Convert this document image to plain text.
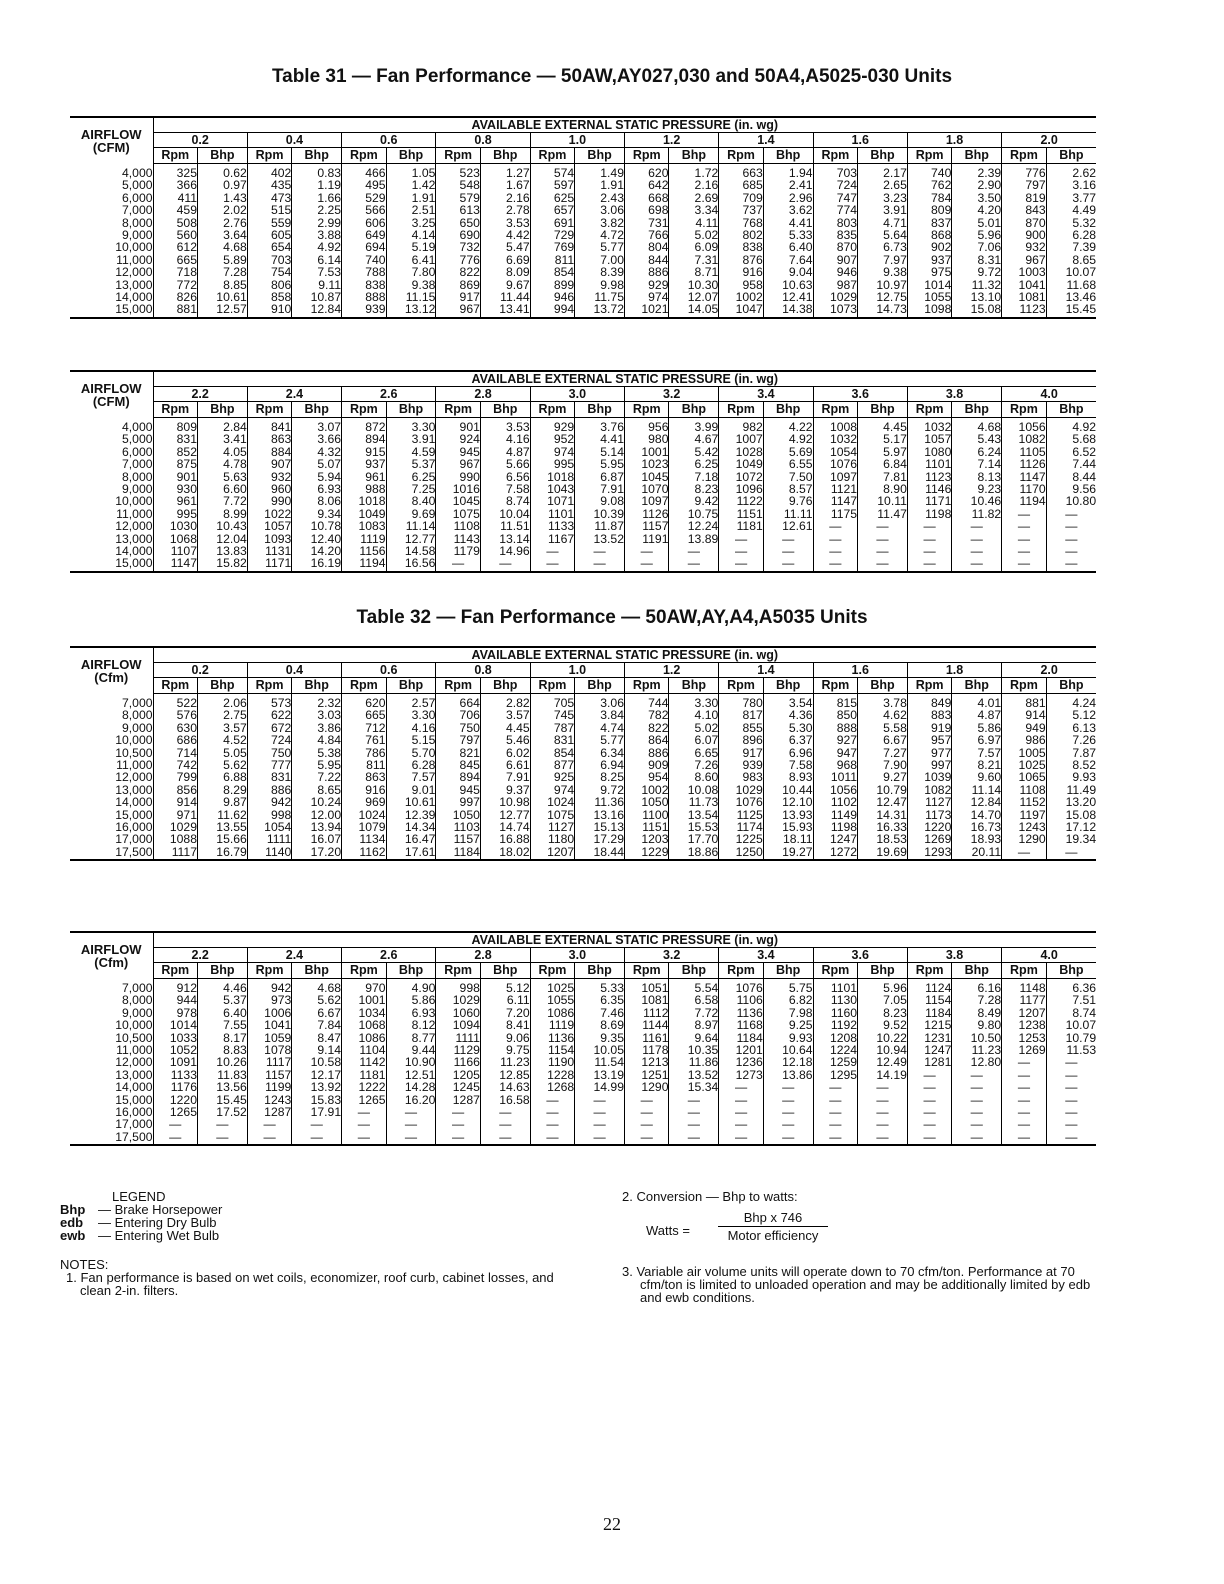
Table 31 — Fan Performance — 50AW,AY027,030 and 50A4,A5025-030 Units
AIRFLOW
(CFM)	AVAILABLE EXTERNAL STATIC PRESSURE (in. wg)																			
	0.2		0.4		0.6		0.8		1.0		1.2		1.4		1.6		1.8		2.0	
	Rpm	Bhp	Rpm	Bhp	Rpm	Bhp	Rpm	Bhp	Rpm	Bhp	Rpm	Bhp	Rpm	Bhp	Rpm	Bhp	Rpm	Bhp	Rpm	Bhp
4,000	325	0.62	402	0.83	466	1.05	523	1.27	574	1.49	620	1.72	663	1.94	703	2.17	740	2.39	776	2.62
5,000	366	0.97	435	1.19	495	1.42	548	1.67	597	1.91	642	2.16	685	2.41	724	2.65	762	2.90	797	3.16
6,000	411	1.43	473	1.66	529	1.91	579	2.16	625	2.43	668	2.69	709	2.96	747	3.23	784	3.50	819	3.77
7,000	459	2.02	515	2.25	566	2.51	613	2.78	657	3.06	698	3.34	737	3.62	774	3.91	809	4.20	843	4.49
8,000	508	2.76	559	2.99	606	3.25	650	3.53	691	3.82	731	4.11	768	4.41	803	4.71	837	5.01	870	5.32
9,000	560	3.64	605	3.88	649	4.14	690	4.42	729	4.72	766	5.02	802	5.33	835	5.64	868	5.96	900	6.28
10,000	612	4.68	654	4.92	694	5.19	732	5.47	769	5.77	804	6.09	838	6.40	870	6.73	902	7.06	932	7.39
11,000	665	5.89	703	6.14	740	6.41	776	6.69	811	7.00	844	7.31	876	7.64	907	7.97	937	8.31	967	8.65
12,000	718	7.28	754	7.53	788	7.80	822	8.09	854	8.39	886	8.71	916	9.04	946	9.38	975	9.72	1003	10.07
13,000	772	8.85	806	9.11	838	9.38	869	9.67	899	9.98	929	10.30	958	10.63	987	10.97	1014	11.32	1041	11.68
14,000	826	10.61	858	10.87	888	11.15	917	11.44	946	11.75	974	12.07	1002	12.41	1029	12.75	1055	13.10	1081	13.46
15,000	881	12.57	910	12.84	939	13.12	967	13.41	994	13.72	1021	14.05	1047	14.38	1073	14.73	1098	15.08	1123	15.45
AIRFLOW
(CFM)	AVAILABLE EXTERNAL STATIC PRESSURE (in. wg)																			
	2.2		2.4		2.6		2.8		3.0		3.2		3.4		3.6		3.8		4.0	
	Rpm	Bhp	Rpm	Bhp	Rpm	Bhp	Rpm	Bhp	Rpm	Bhp	Rpm	Bhp	Rpm	Bhp	Rpm	Bhp	Rpm	Bhp	Rpm	Bhp
4,000	809	2.84	841	3.07	872	3.30	901	3.53	929	3.76	956	3.99	982	4.22	1008	4.45	1032	4.68	1056	4.92
5,000	831	3.41	863	3.66	894	3.91	924	4.16	952	4.41	980	4.67	1007	4.92	1032	5.17	1057	5.43	1082	5.68
6,000	852	4.05	884	4.32	915	4.59	945	4.87	974	5.14	1001	5.42	1028	5.69	1054	5.97	1080	6.24	1105	6.52
7,000	875	4.78	907	5.07	937	5.37	967	5.66	995	5.95	1023	6.25	1049	6.55	1076	6.84	1101	7.14	1126	7.44
8,000	901	5.63	932	5.94	961	6.25	990	6.56	1018	6.87	1045	7.18	1072	7.50	1097	7.81	1123	8.13	1147	8.44
9,000	930	6.60	960	6.93	988	7.25	1016	7.58	1043	7.91	1070	8.23	1096	8.57	1121	8.90	1146	9.23	1170	9.56
10,000	961	7.72	990	8.06	1018	8.40	1045	8.74	1071	9.08	1097	9.42	1122	9.76	1147	10.11	1171	10.46	1194	10.80
11,000	995	8.99	1022	9.34	1049	9.69	1075	10.04	1101	10.39	1126	10.75	1151	11.11	1175	11.47	1198	11.82	—	—
12,000	1030	10.43	1057	10.78	1083	11.14	1108	11.51	1133	11.87	1157	12.24	1181	12.61	—	—	—	—	—	—
13,000	1068	12.04	1093	12.40	1119	12.77	1143	13.14	1167	13.52	1191	13.89	—	—	—	—	—	—	—	—
14,000	1107	13.83	1131	14.20	1156	14.58	1179	14.96	—	—	—	—	—	—	—	—	—	—	—	—
15,000	1147	15.82	1171	16.19	1194	16.56	—	—	—	—	—	—	—	—	—	—	—	—	—	—
Table 32 — Fan Performance — 50AW,AY,A4,A5035 Units
AIRFLOW
(Cfm)	AVAILABLE EXTERNAL STATIC PRESSURE (in. wg)																			
	0.2		0.4		0.6		0.8		1.0		1.2		1.4		1.6		1.8		2.0	
	Rpm	Bhp	Rpm	Bhp	Rpm	Bhp	Rpm	Bhp	Rpm	Bhp	Rpm	Bhp	Rpm	Bhp	Rpm	Bhp	Rpm	Bhp	Rpm	Bhp
7,000	522	2.06	573	2.32	620	2.57	664	2.82	705	3.06	744	3.30	780	3.54	815	3.78	849	4.01	881	4.24
8,000	576	2.75	622	3.03	665	3.30	706	3.57	745	3.84	782	4.10	817	4.36	850	4.62	883	4.87	914	5.12
9,000	630	3.57	672	3.86	712	4.16	750	4.45	787	4.74	822	5.02	855	5.30	888	5.58	919	5.86	949	6.13
10,000	686	4.52	724	4.84	761	5.15	797	5.46	831	5.77	864	6.07	896	6.37	927	6.67	957	6.97	986	7.26
10,500	714	5.05	750	5.38	786	5.70	821	6.02	854	6.34	886	6.65	917	6.96	947	7.27	977	7.57	1005	7.87
11,000	742	5.62	777	5.95	811	6.28	845	6.61	877	6.94	909	7.26	939	7.58	968	7.90	997	8.21	1025	8.52
12,000	799	6.88	831	7.22	863	7.57	894	7.91	925	8.25	954	8.60	983	8.93	1011	9.27	1039	9.60	1065	9.93
13,000	856	8.29	886	8.65	916	9.01	945	9.37	974	9.72	1002	10.08	1029	10.44	1056	10.79	1082	11.14	1108	11.49
14,000	914	9.87	942	10.24	969	10.61	997	10.98	1024	11.36	1050	11.73	1076	12.10	1102	12.47	1127	12.84	1152	13.20
15,000	971	11.62	998	12.00	1024	12.39	1050	12.77	1075	13.16	1100	13.54	1125	13.93	1149	14.31	1173	14.70	1197	15.08
16,000	1029	13.55	1054	13.94	1079	14.34	1103	14.74	1127	15.13	1151	15.53	1174	15.93	1198	16.33	1220	16.73	1243	17.12
17,000	1088	15.66	1111	16.07	1134	16.47	1157	16.88	1180	17.29	1203	17.70	1225	18.11	1247	18.53	1269	18.93	1290	19.34
17,500	1117	16.79	1140	17.20	1162	17.61	1184	18.02	1207	18.44	1229	18.86	1250	19.27	1272	19.69	1293	20.11	—	—
AIRFLOW
(Cfm)	AVAILABLE EXTERNAL STATIC PRESSURE (in. wg)																			
	2.2		2.4		2.6		2.8		3.0		3.2		3.4		3.6		3.8		4.0	
	Rpm	Bhp	Rpm	Bhp	Rpm	Bhp	Rpm	Bhp	Rpm	Bhp	Rpm	Bhp	Rpm	Bhp	Rpm	Bhp	Rpm	Bhp	Rpm	Bhp
7,000	912	4.46	942	4.68	970	4.90	998	5.12	1025	5.33	1051	5.54	1076	5.75	1101	5.96	1124	6.16	1148	6.36
8,000	944	5.37	973	5.62	1001	5.86	1029	6.11	1055	6.35	1081	6.58	1106	6.82	1130	7.05	1154	7.28	1177	7.51
9,000	978	6.40	1006	6.67	1034	6.93	1060	7.20	1086	7.46	1112	7.72	1136	7.98	1160	8.23	1184	8.49	1207	8.74
10,000	1014	7.55	1041	7.84	1068	8.12	1094	8.41	1119	8.69	1144	8.97	1168	9.25	1192	9.52	1215	9.80	1238	10.07
10,500	1033	8.17	1059	8.47	1086	8.77	1111	9.06	1136	9.35	1161	9.64	1184	9.93	1208	10.22	1231	10.50	1253	10.79
11,000	1052	8.83	1078	9.14	1104	9.44	1129	9.75	1154	10.05	1178	10.35	1201	10.64	1224	10.94	1247	11.23	1269	11.53
12,000	1091	10.26	1117	10.58	1142	10.90	1166	11.23	1190	11.54	1213	11.86	1236	12.18	1259	12.49	1281	12.80	—	—
13,000	1133	11.83	1157	12.17	1181	12.51	1205	12.85	1228	13.19	1251	13.52	1273	13.86	1295	14.19	—	—	—	—
14,000	1176	13.56	1199	13.92	1222	14.28	1245	14.63	1268	14.99	1290	15.34	—	—	—	—	—	—	—	—
15,000	1220	15.45	1243	15.83	1265	16.20	1287	16.58	—	—	—	—	—	—	—	—	—	—	—	—
16,000	1265	17.52	1287	17.91	—	—	—	—	—	—	—	—	—	—	—	—	—	—	—	—
17,000	—	—	—	—	—	—	—	—	—	—	—	—	—	—	—	—	—	—	—	—
17,500	—	—	—	—	—	—	—	—	—	—	—	—	—	—	—	—	—	—	—	—
LEGEND
Bhp — Brake Horsepower
edb — Entering Dry Bulb
ewb — Entering Wet Bulb
NOTES:
1. Fan performance is based on wet coils, economizer, roof curb, cabinet losses, and clean 2-in. filters.
2. Conversion — Bhp to watts:
Watts =
Bhp x 746
Motor efficiency
3. Variable air volume units will operate down to 70 cfm/ton. Performance at 70 cfm/ton is limited to unloaded operation and may be additionally limited by edb and ewb conditions.
22
